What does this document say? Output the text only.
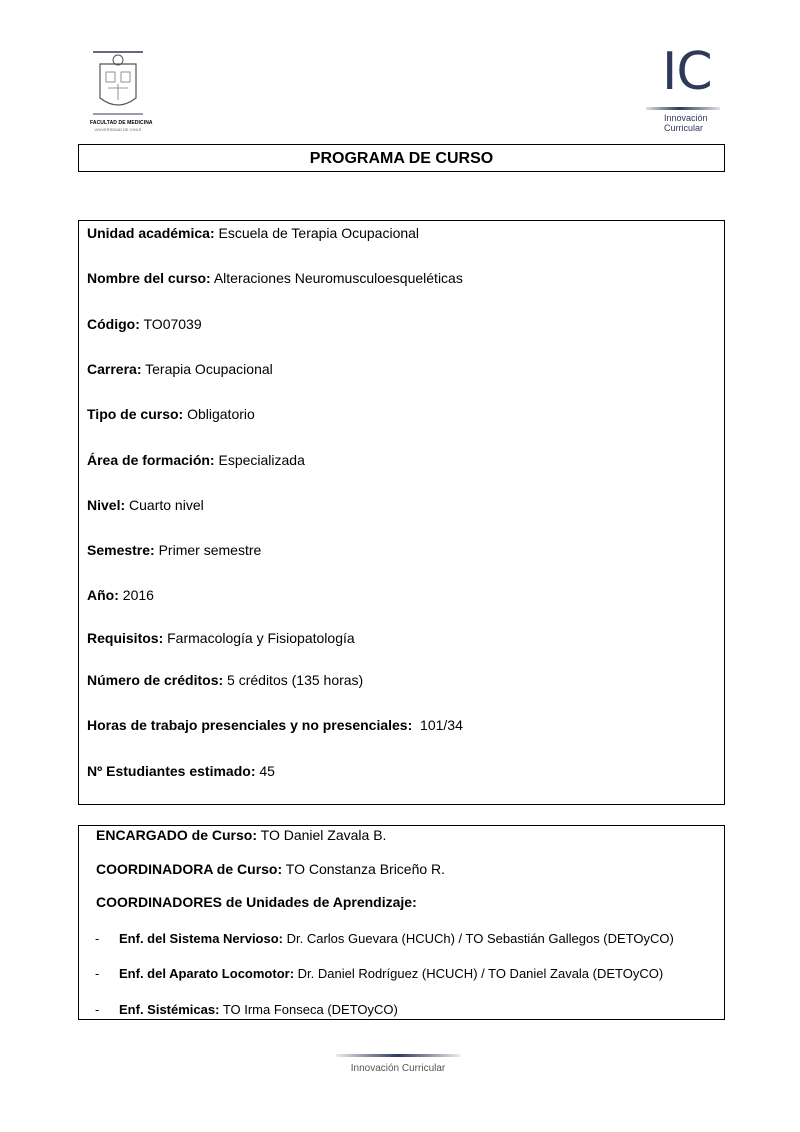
FACULTAD DE MEDICINA
UNIVERSIDAD DE CHILE
IC
Innovación
Curricular
PROGRAMA DE CURSO
Unidad académica: Escuela de Terapia Ocupacional
Nombre del curso: Alteraciones Neuromusculoesqueléticas
Código: TO07039
Carrera: Terapia Ocupacional
Tipo de curso: Obligatorio
Área de formación: Especializada
Nivel: Cuarto nivel
Semestre: Primer semestre
Año: 2016
Requisitos: Farmacología y Fisiopatología
Número de créditos: 5 créditos (135 horas)
Horas de trabajo presenciales y no presenciales:  101/34
Nº Estudiantes estimado: 45
ENCARGADO de Curso: TO Daniel Zavala B.
COORDINADORA de Curso: TO Constanza Briceño R.
COORDINADORES de Unidades de Aprendizaje:
- Enf. del Sistema Nervioso: Dr. Carlos Guevara (HCUCh) / TO Sebastián Gallegos (DETOyCO)
- Enf. del Aparato Locomotor: Dr. Daniel Rodríguez (HCUCH) / TO Daniel Zavala (DETOyCO)
- Enf. Sistémicas: TO Irma Fonseca (DETOyCO)
Innovación Curricular
